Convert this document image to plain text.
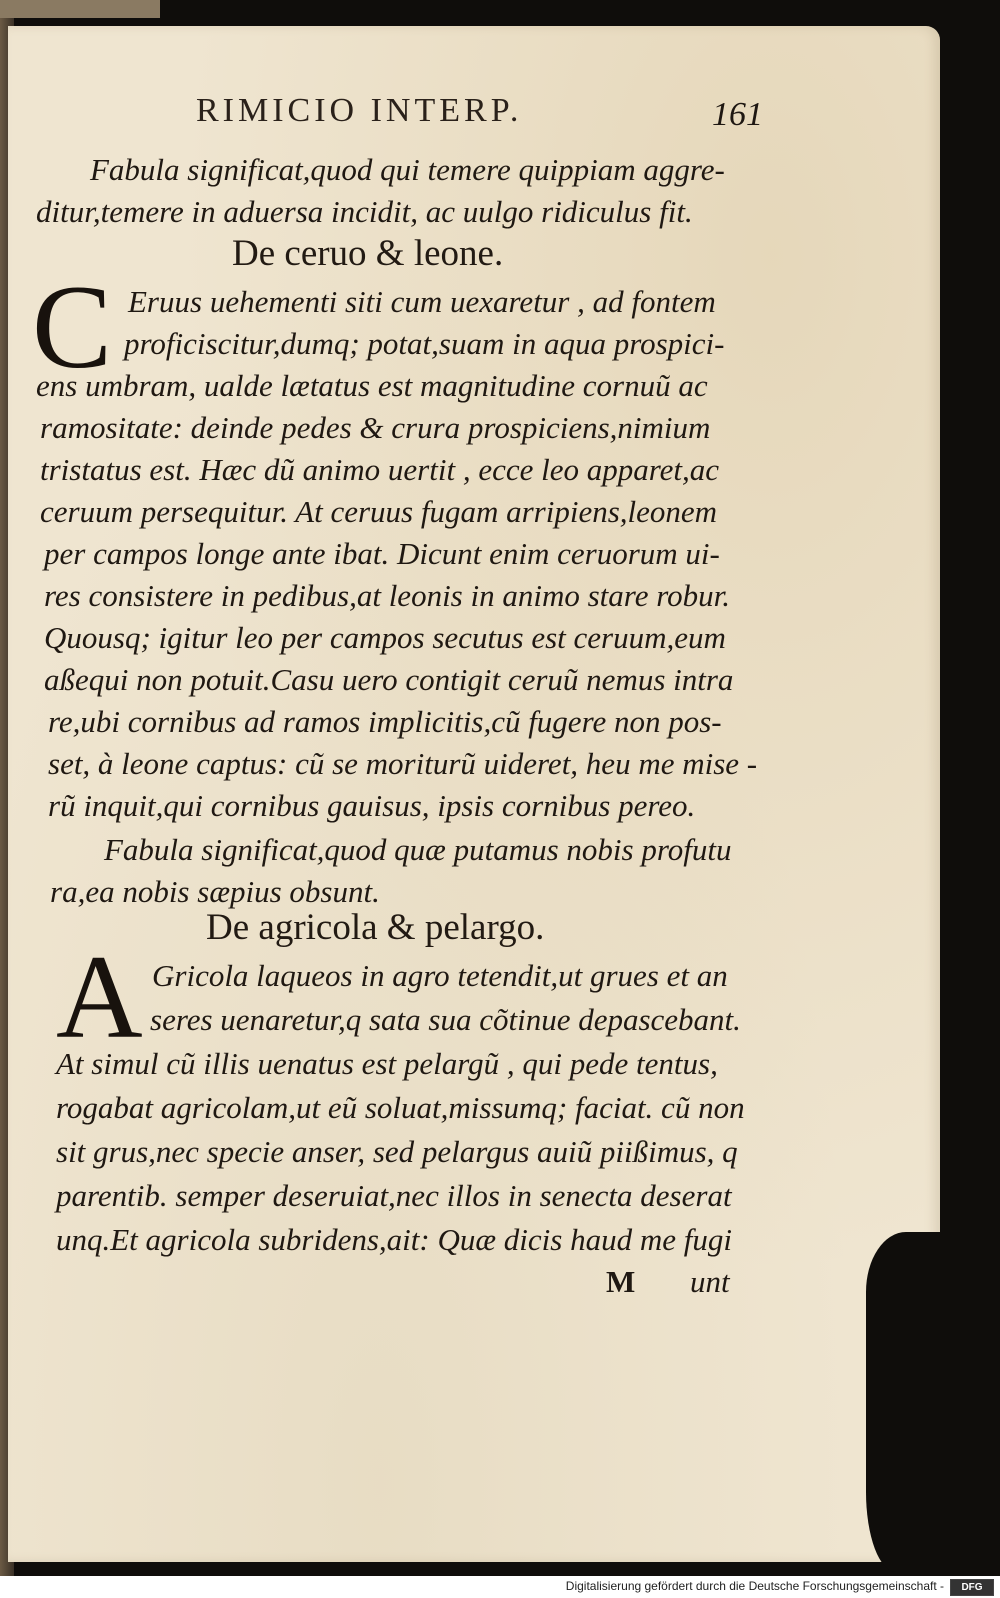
RIMICIO INTERP.	161
Fabula significat,quod qui temere quippiam aggre-
ditur,temere in aduersa incidit, ac uulgo ridiculus fit.
De ceruo & leone.
C Eruus uehementi siti cum uexaretur , ad fontem
proficiscitur,dumq; potat,suam in aqua prospici-
ens umbram, ualde lætatus est magnitudine cornuũ ac
ramositate: deinde pedes & crura prospiciens,nimium
tristatus est. Hæc dũ animo uertit , ecce leo apparet,ac
ceruum persequitur. At ceruus fugam arripiens,leonem
per campos longe ante ibat. Dicunt enim ceruorum ui-
res consistere in pedibus,at leonis in animo stare robur.
Quousq; igitur leo per campos secutus est ceruum,eum
aßequi non potuit.Casu uero contigit ceruũ nemus intra
re,ubi cornibus ad ramos implicitis,cũ fugere non pos-
set, à leone captus: cũ se moriturũ uideret, heu me mise -
rũ inquit,qui cornibus gauisus, ipsis cornibus pereo.
Fabula significat,quod quæ putamus nobis profutu
ra,ea nobis sæpius obsunt.
De agricola & pelargo.
A Gricola laqueos in agro tetendit,ut grues et an
seres uenaretur,q sata sua cõtinue depascebant.
At simul cũ illis uenatus est pelargũ , qui pede tentus,
rogabat agricolam,ut eũ soluat,missumq; faciat. cũ non
sit grus,nec specie anser, sed pelargus auiũ piißimus, q
parentib. semper deseruiat,nec illos in senecta deserat
unq.Et agricola subridens,ait: Quæ dicis haud me fugi
M unt
Digitalisierung gefördert durch die Deutsche Forschungsgemeinschaft -	DFG
